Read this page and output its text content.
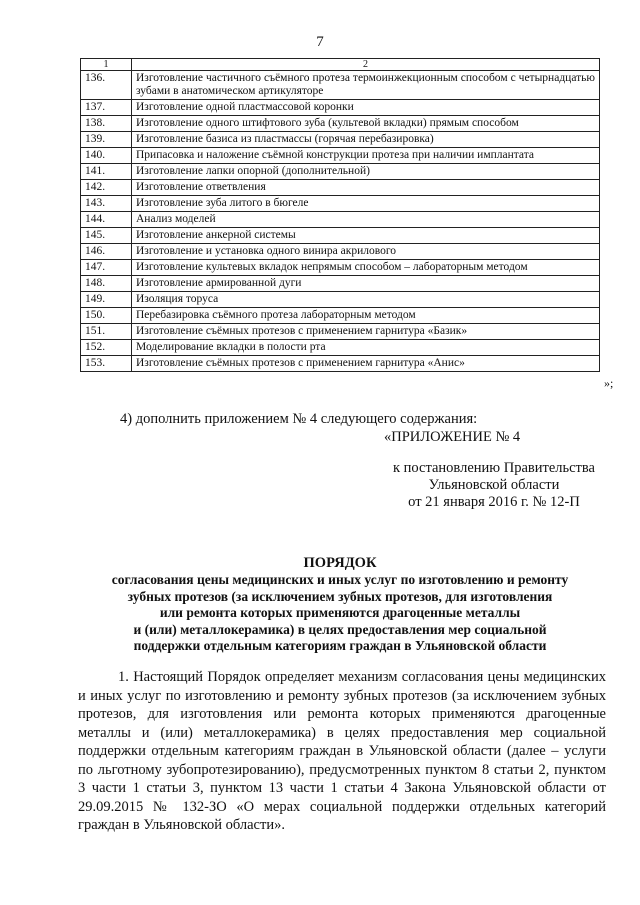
7
1	2
136.	Изготовление частичного съёмного протеза термоинжекционным способом с четырнадцатью зубами в анатомическом артикуляторе
137.	Изготовление одной пластмассовой коронки
138.	Изготовление одного штифтового зуба (культевой вкладки) прямым способом
139.	Изготовление базиса из пластмассы (горячая перебазировка)
140.	Припасовка и наложение съёмной конструкции протеза при наличии имплантата
141.	Изготовление лапки опорной (дополнительной)
142.	Изготовление ответвления
143.	Изготовление зуба литого в бюгеле
144.	Анализ моделей
145.	Изготовление анкерной системы
146.	Изготовление и установка одного винира акрилового
147.	Изготовление культевых вкладок непрямым способом – лабораторным методом
148.	Изготовление армированной дуги
149.	Изоляция торуса
150.	Перебазировка съёмного протеза лабораторным методом
151.	Изготовление съёмных протезов с применением гарнитура «Базик»
152.	Моделирование вкладки в полости рта
153.	Изготовление съёмных протезов с применением гарнитура «Анис»
»;
4) дополнить приложением № 4 следующего содержания:
«ПРИЛОЖЕНИЕ № 4
к постановлению Правительства
Ульяновской области
от 21 января 2016 г. № 12-П
ПОРЯДОК
согласования цены медицинских и иных услуг по изготовлению и ремонту
зубных протезов (за исключением зубных протезов, для изготовления
или ремонта которых применяются драгоценные металлы
и (или) металлокерамика) в целях предоставления мер социальной
поддержки отдельным категориям граждан в Ульяновской области
1. Настоящий Порядок определяет механизм согласования цены медицинских и иных услуг по изготовлению и ремонту зубных протезов (за исключением зубных протезов, для изготовления или ремонта которых применяются драгоценные металлы и (или) металлокерамика) в целях предоставления мер социальной поддержки отдельным категориям граждан в Ульяновской области (далее – услуги по льготному зубопротезированию), предусмотренных пунктом 8 статьи 2, пунктом 3 части 1 статьи 3, пунктом 13 части 1 статьи 4 Закона Ульяновской области от 29.09.2015 № 132-ЗО «О мерах социальной поддержки отдельных категорий граждан в Ульяновской области».
